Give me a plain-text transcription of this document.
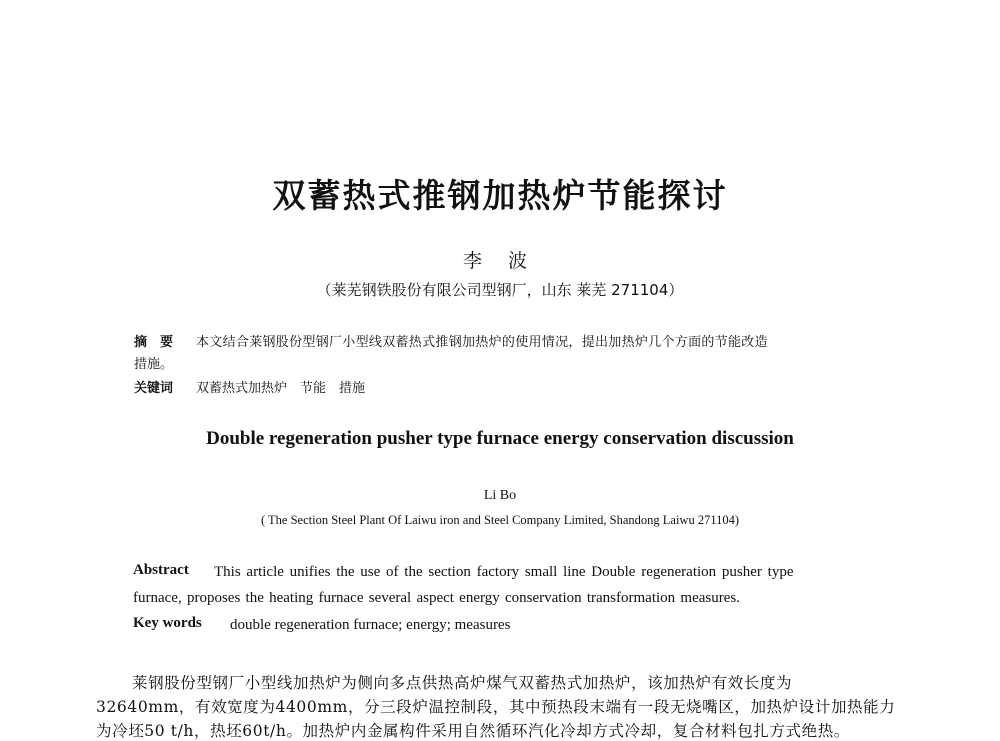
双蓄热式推钢加热炉节能探讨
李 波
（莱芜钢铁股份有限公司型钢厂，山东 莱芜 271104）
摘　要 本文结合莱钢股份型钢厂小型线双蓄热式推钢加热炉的使用情况，提出加热炉几个方面的节能改造
措施。
关键词 双蓄热式加热炉　节能　措施
Double regeneration pusher type furnace energy conservation discussion
Li Bo
( The Section Steel Plant Of Laiwu iron and Steel Company Limited, Shandong Laiwu 271104)
Abstract This article unifies the use of the section factory small line Double regeneration pusher type
furnace, proposes the heating furnace several aspect energy conservation transformation measures.
Key words double regeneration furnace; energy; measures
莱钢股份型钢厂小型线加热炉为侧向多点供热高炉煤气双蓄热式加热炉，该加热炉有效长度为
32640mm，有效宽度为4400mm，分三段炉温控制段，其中预热段末端有一段无烧嘴区，加热炉设计加热能力
为冷坯50 t/h，热坯60t/h。加热炉内金属构件采用自然循环汽化冷却方式冷却，复合材料包扎方式绝热。
